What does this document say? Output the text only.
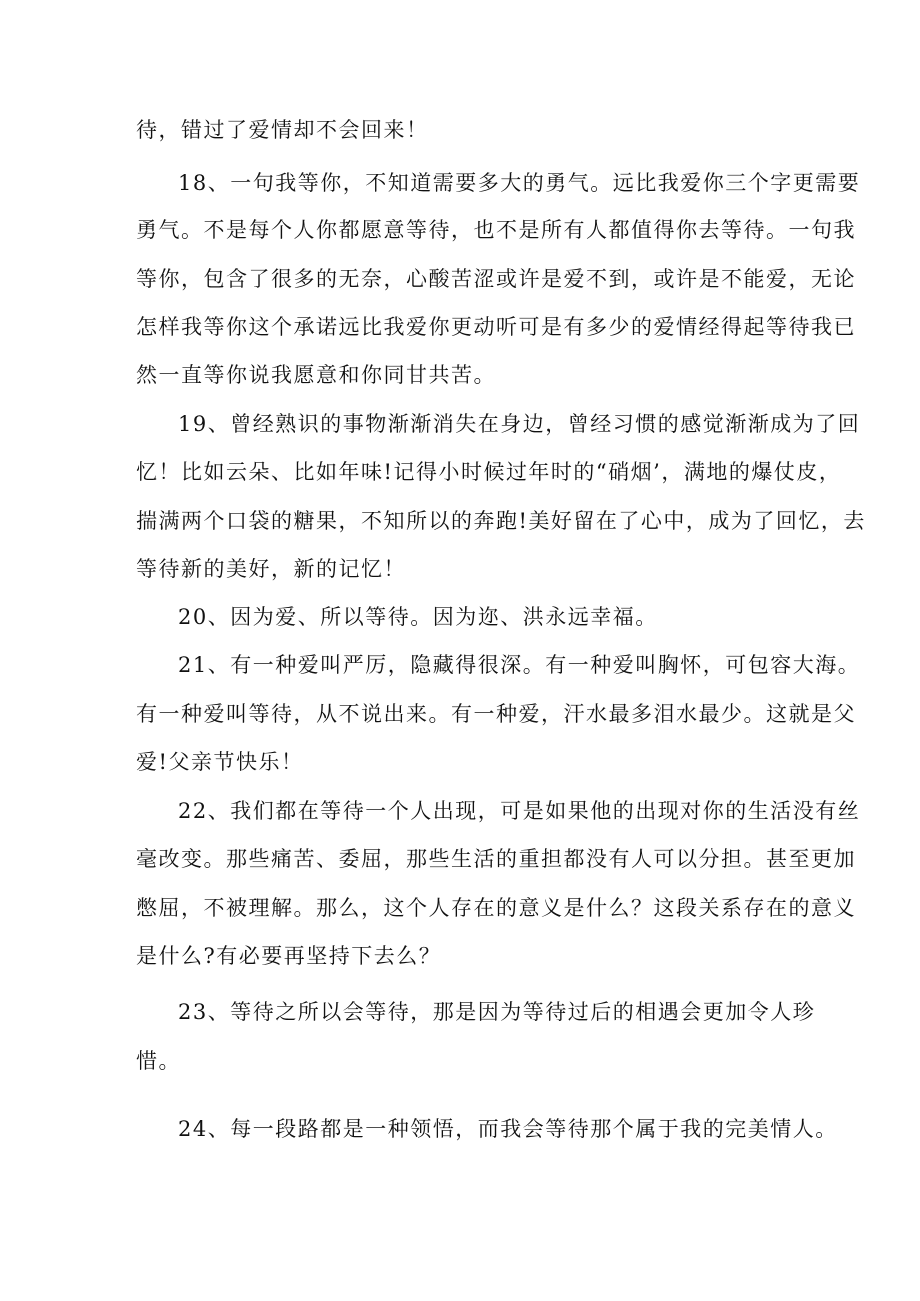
待，错过了爱情却不会回来！
18、一句我等你，不知道需要多大的勇气。远比我爱你三个字更需要
勇气。不是每个人你都愿意等待，也不是所有人都值得你去等待。一句我
等你，包含了很多的无奈，心酸苦涩或许是爱不到，或许是不能爱，无论
怎样我等你这个承诺远比我爱你更动听可是有多少的爱情经得起等待我已
然一直等你说我愿意和你同甘共苦。
19、曾经熟识的事物渐渐消失在身边，曾经习惯的感觉渐渐成为了回
忆！比如云朵、比如年味!记得小时候过年时的“硝烟’，满地的爆仗皮，
揣满两个口袋的糖果，不知所以的奔跑!美好留在了心中，成为了回忆，去
等待新的美好，新的记忆！
20、因为爱、所以等待。因为迩、洪永远幸福。
21、有一种爱叫严厉，隐藏得很深。有一种爱叫胸怀，可包容大海。
有一种爱叫等待，从不说出来。有一种爱，汗水最多泪水最少。这就是父
爱!父亲节快乐！
22、我们都在等待一个人出现，可是如果他的出现对你的生活没有丝
毫改变。那些痛苦、委屈，那些生活的重担都没有人可以分担。甚至更加
憋屈，不被理解。那么，这个人存在的意义是什么？这段关系存在的意义
是什么?有必要再坚持下去么？
23、等待之所以会等待，那是因为等待过后的相遇会更加令人珍
惜。
24、每一段路都是一种领悟，而我会等待那个属于我的完美情人。
